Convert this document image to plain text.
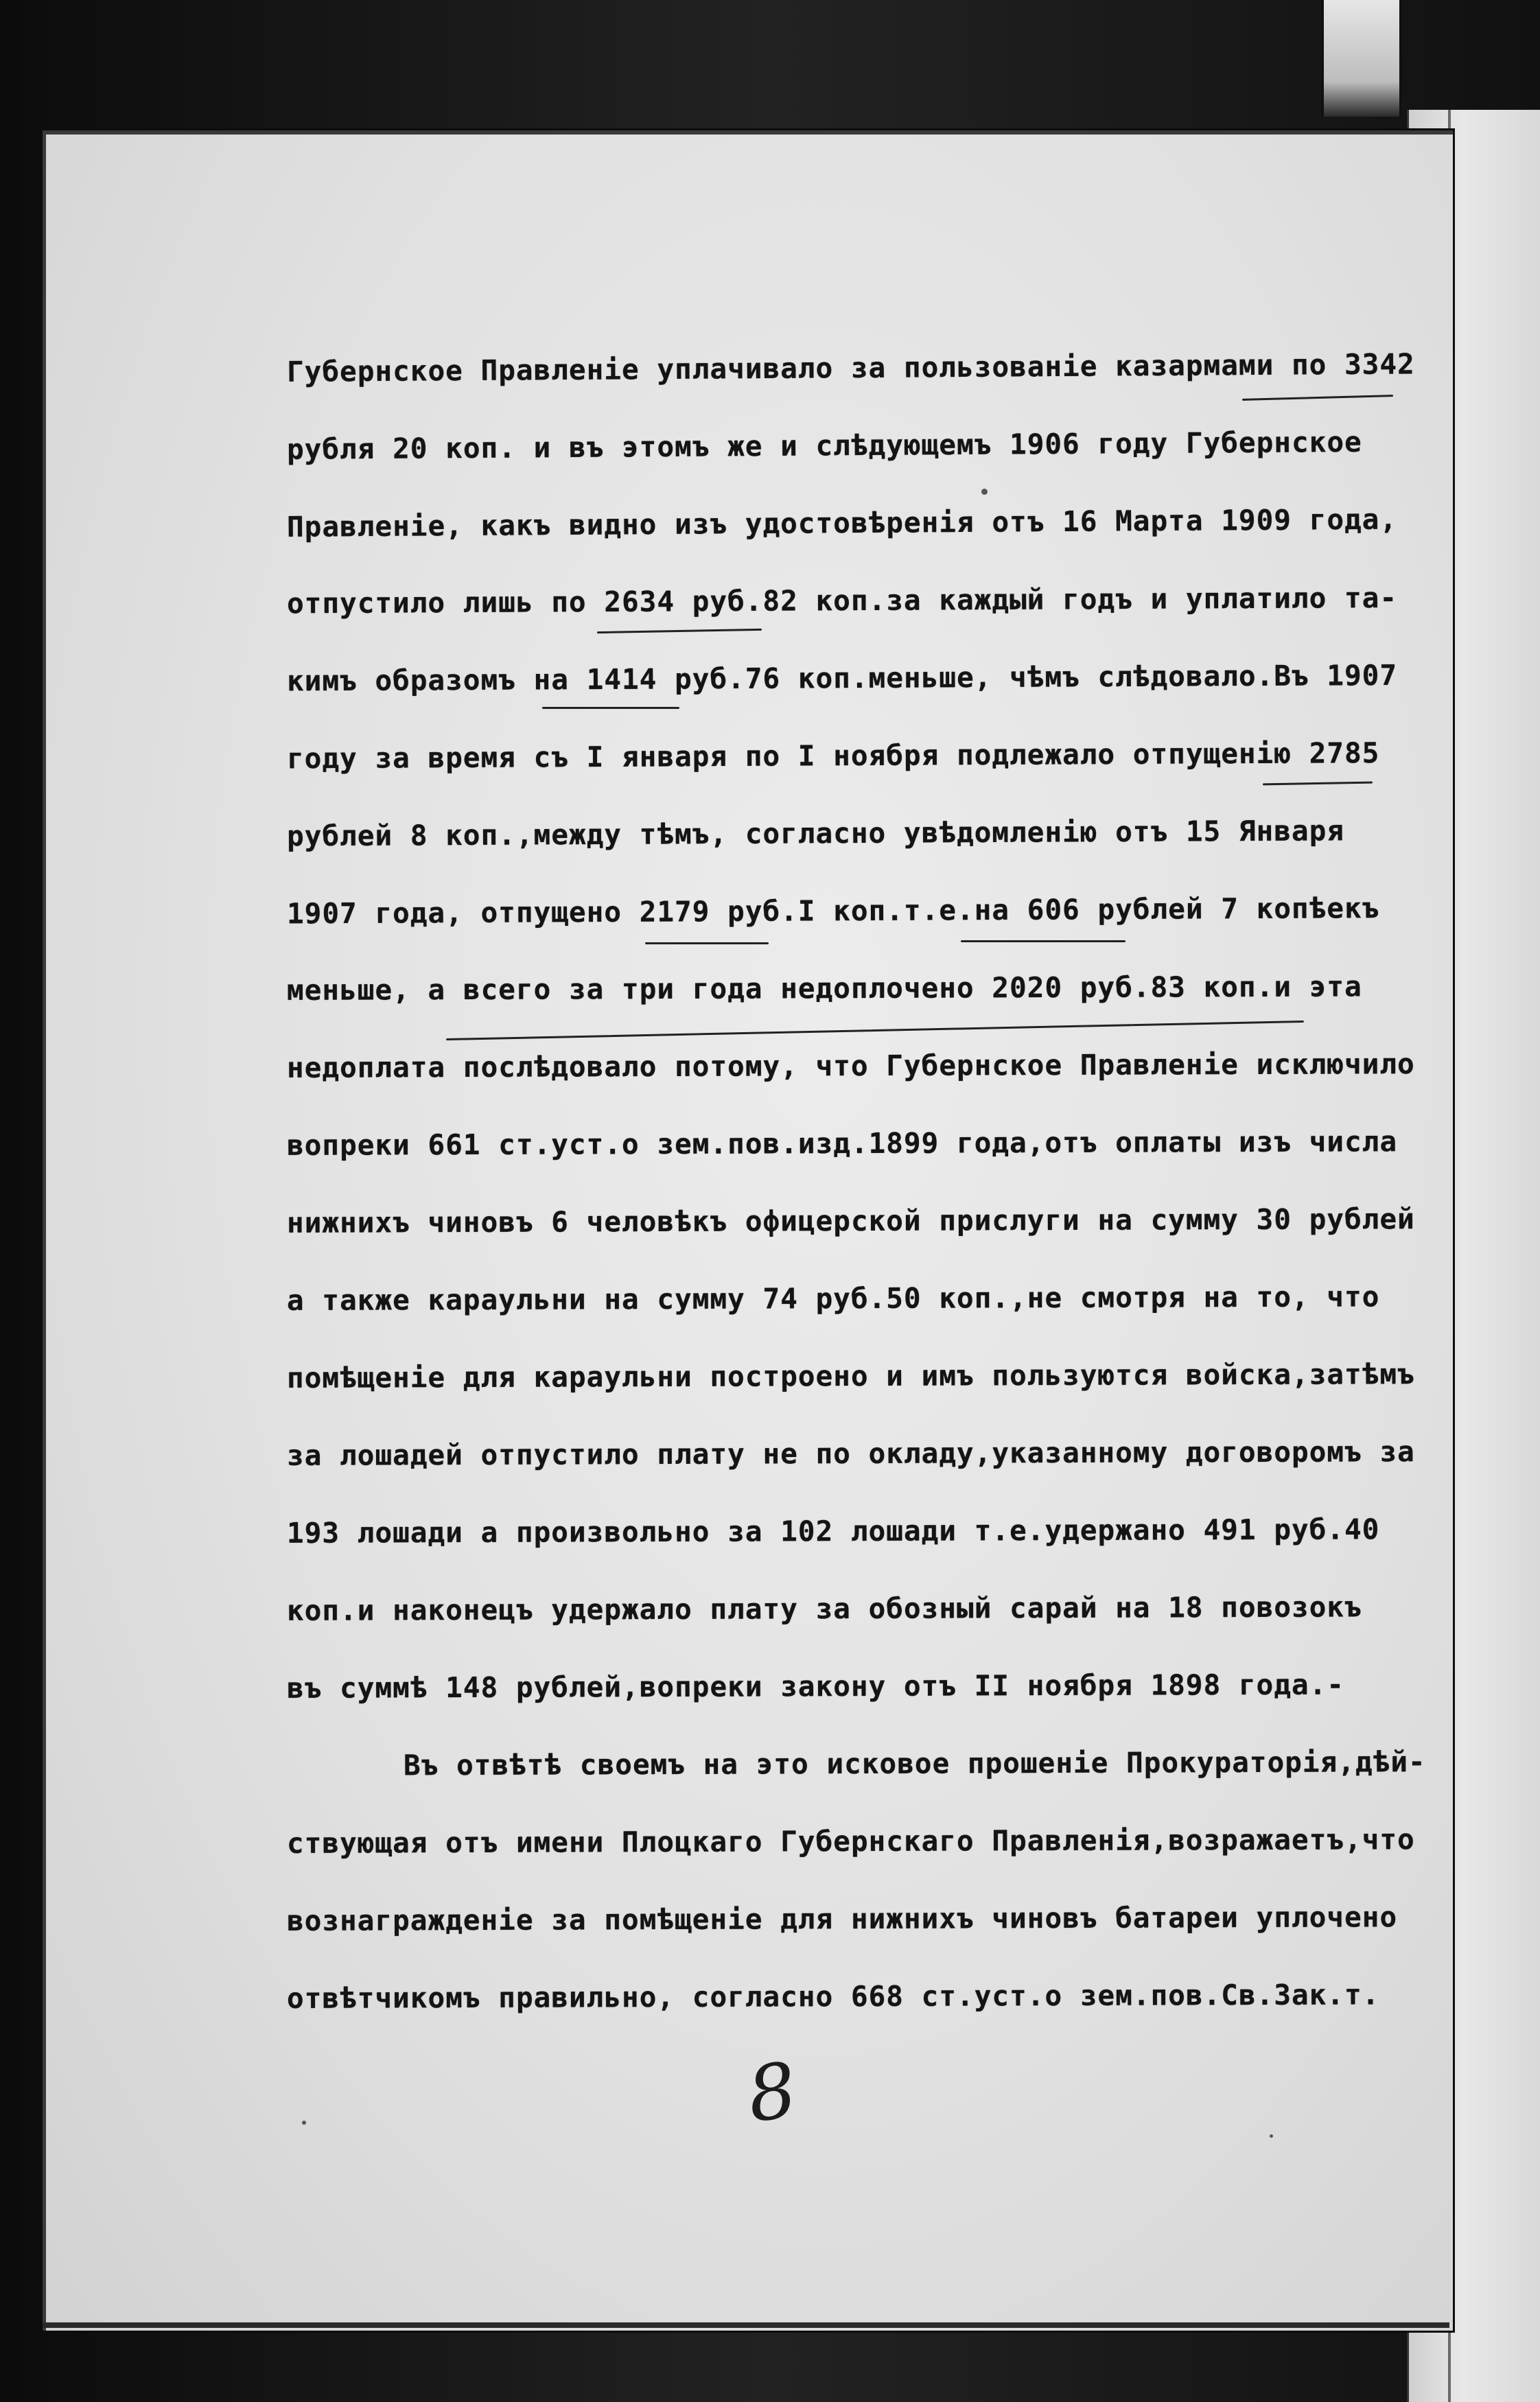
Губернское Правленіе уплачивало за пользованіе казармами по 3342
рубля 20 коп. и въ этомъ же и слѣдующемъ 1906 году Губернское
Правленіе, какъ видно изъ удостовѣренія отъ 16 Марта 1909 года,
отпустило лишь по 2634 руб.82 коп.за каждый годъ и уплатило та-
кимъ образомъ на 1414 руб.76 коп.меньше, чѣмъ слѣдовало.Въ 1907
году за время съ I января по I ноября подлежало отпущенію 2785
рублей 8 коп.,между тѣмъ, согласно увѣдомленію отъ 15 Января
1907 года, отпущено 2179 руб.I коп.т.е.на 606 рублей 7 копѣекъ
меньше, а всего за три года недоплочено 2020 руб.83 коп.и эта
недоплата послѣдовало потому, что Губернское Правленіе исключило
вопреки 661 ст.уст.о зем.пов.изд.1899 года,отъ оплаты изъ числа
нижнихъ чиновъ 6 человѣкъ офицерской прислуги на сумму 30 рублей
а также караульни на сумму 74 руб.50 коп.,не смотря на то, что
помѣщеніе для караульни построено и имъ пользуются войска,затѣмъ
за лошадей отпустило плату не по окладу,указанному договоромъ за
193 лошади а произвольно за 102 лошади т.е.удержано 491 руб.40
коп.и наконецъ удержало плату за обозный сарай на 18 повозокъ
въ суммѣ 148 рублей,вопреки закону отъ II ноября 1898 года.-
Въ отвѣтѣ своемъ на это исковое прошеніе Прокураторія,дѣй-
ствующая отъ имени Плоцкаго Губернскаго Правленія,возражаетъ,что
вознагражденіе за помѣщеніе для нижнихъ чиновъ батареи уплочено
отвѣтчикомъ правильно, согласно 668 ст.уст.о зем.пов.Св.Зак.т.
8
